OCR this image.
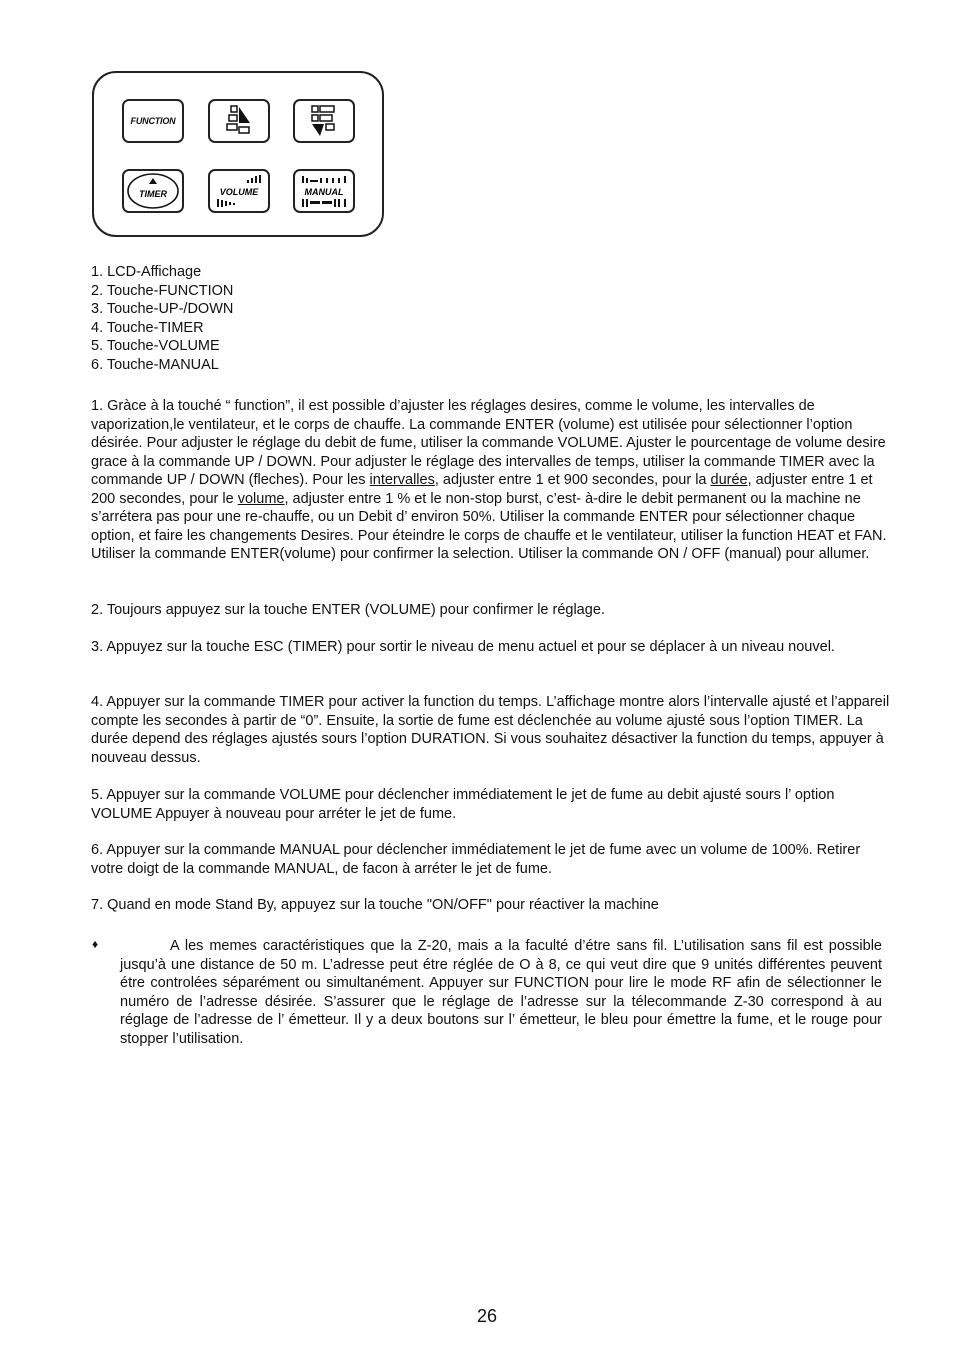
FUNCTION
TIMER	VOLUME	MANUAL
1. LCD-Affichage
2. Touche-FUNCTION
3. Touche-UP-/DOWN
4. Touche-TIMER
5. Touche-VOLUME
6. Touche-MANUAL
1. Gràce à la touché “ function”, il est possible d’ajuster les réglages desires, comme le volume, les intervalles de vaporization,le ventilateur, et le corps de chauffe. La commande ENTER (volume) est utilisée pour sélectionner l’option désirée. Pour adjuster le réglage du debit de fume, utiliser la commande VOLUME. Ajuster le pourcentage de volume desire grace à la commande UP / DOWN. Pour adjuster le réglage des intervalles de temps, utiliser la commande TIMER avec la commande UP / DOWN (fleches). Pour les intervalles, adjuster entre 1 et 900 secondes, pour la durée, adjuster entre 1 et 200 secondes, pour le volume, adjuster entre 1 % et le non-stop burst, c’est- à-dire le debit permanent ou la machine ne s’arrétera pas pour une re-chauffe, ou un Debit d’ environ 50%. Utiliser la commande ENTER pour sélectionner chaque option, et faire les changements Desires. Pour éteindre le corps de chauffe et le ventilateur, utiliser la function HEAT et FAN. Utiliser la commande ENTER(volume) pour confirmer la selection. Utiliser la commande ON / OFF (manual) pour allumer.
2. Toujours appuyez sur la touche ENTER (VOLUME) pour confirmer le réglage.
3. Appuyez sur la touche ESC (TIMER) pour sortir le niveau de menu actuel et pour se déplacer à un niveau nouvel.
4. Appuyer sur la commande TIMER pour activer la function du temps. L’affichage montre alors l’intervalle ajusté et l’appareil compte les secondes à partir de “0”. Ensuite, la sortie de fume est déclenchée au volume ajusté sous l’option TIMER. La durée depend des réglages ajustés sours l’option DURATION. Si vous souhaitez désactiver la function du temps, appuyer à nouveau dessus.
5. Appuyer sur la commande VOLUME pour déclencher immédiatement le jet de fume au debit ajusté sours l’ option VOLUME Appuyer à nouveau pour arréter le jet de fume.
6. Appuyer sur la commande MANUAL pour déclencher immédiatement le jet de fume avec un volume de 100%. Retirer votre doigt de la commande MANUAL, de facon à arréter le jet de fume.
7. Quand en mode Stand By, appuyez sur la touche "ON/OFF" pour réactiver la machine
♦	A les memes caractéristiques que la Z-20, mais a la faculté d’étre sans fil. L’utilisation sans fil est possible jusqu’à une distance de 50 m. L’adresse peut étre réglée de O à 8, ce qui veut dire que 9 unités différentes peuvent étre controlées séparément ou simultanément. Appuyer sur FUNCTION pour lire le mode RF afin de sélectionner le numéro de l’adresse désirée. S’assurer que le réglage de l’adresse sur la télecommande Z-30 correspond à au réglage de l’adresse de l’ émetteur. Il y a deux boutons sur l’ émetteur, le bleu pour émettre la fume, et le rouge pour stopper l’utilisation.
26
